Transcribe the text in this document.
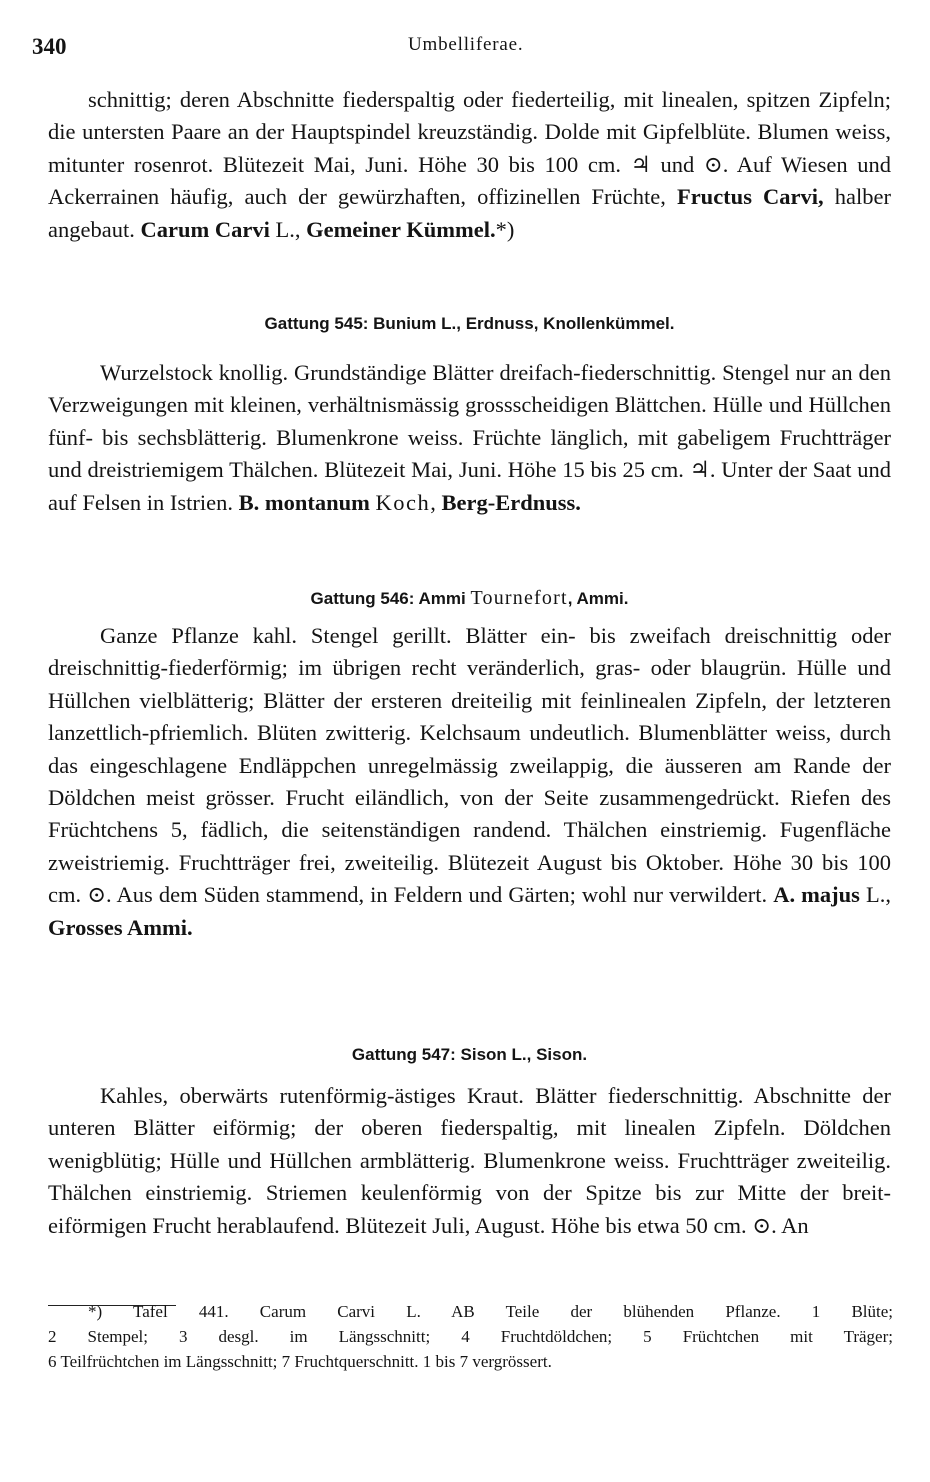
340	Umbelliferae.
schnittig; deren Abschnitte fiederspaltig oder fiederteilig, mit linealen, spitzen Zipfeln; die untersten Paare an der Hauptspindel kreuzständig. Dolde mit Gipfelblüte. Blumen weiss, mitunter rosenrot. Blütezeit Mai, Juni. Höhe 30 bis 100 cm. ♃ und ⊙. Auf Wiesen und Ackerrainen häufig, auch der gewürzhaften, offizinellen Früchte, Fructus Carvi, halber angebaut. Carum Carvi L., Gemeiner Kümmel.*)
Gattung 545: Bunium L., Erdnuss, Knollenkümmel.
Wurzelstock knollig. Grundständige Blätter dreifach-fiederschnittig. Stengel nur an den Verzweigungen mit kleinen, verhältnismässig grossscheidigen Blättchen. Hülle und Hüllchen fünf- bis sechsblätterig. Blumenkrone weiss. Früchte länglich, mit gabeligem Fruchtträger und dreistriemigem Thälchen. Blütezeit Mai, Juni. Höhe 15 bis 25 cm. ♃. Unter der Saat und auf Felsen in Istrien. B. montanum Koch, Berg-Erdnuss.
Gattung 546: Ammi Tournefort, Ammi.
Ganze Pflanze kahl. Stengel gerillt. Blätter ein- bis zweifach dreischnittig oder dreischnittig-fiederförmig; im übrigen recht veränderlich, gras- oder blaugrün. Hülle und Hüllchen vielblätterig; Blätter der ersteren dreiteilig mit feinlinealen Zipfeln, der letzteren lanzettlich-pfriemlich. Blüten zwitterig. Kelchsaum undeutlich. Blumenblätter weiss, durch das eingeschlagene Endläppchen unregelmässig zweilappig, die äusseren am Rande der Döldchen meist grösser. Frucht eiländlich, von der Seite zusammengedrückt. Riefen des Früchtchens 5, fädlich, die seitenständigen randend. Thälchen einstriemig. Fugenfläche zweistriemig. Fruchtträger frei, zweiteilig. Blütezeit August bis Oktober. Höhe 30 bis 100 cm. ⊙. Aus dem Süden stammend, in Feldern und Gärten; wohl nur verwildert. A. majus L., Grosses Ammi.
Gattung 547: Sison L., Sison.
Kahles, oberwärts rutenförmig-ästiges Kraut. Blätter fiederschnittig. Abschnitte der unteren Blätter eiförmig; der oberen fiederspaltig, mit linealen Zipfeln. Döldchen wenigblütig; Hülle und Hüllchen armblätterig. Blumenkrone weiss. Fruchtträger zweiteilig. Thälchen einstriemig. Striemen keulenförmig von der Spitze bis zur Mitte der breit-eiförmigen Frucht herablaufend. Blütezeit Juli, August. Höhe bis etwa 50 cm. ⊙. An
*) Tafel 441. Carum Carvi L. AB Teile der blühenden Pflanze. 1 Blüte;
2 Stempel; 3 desgl. im Längsschnitt; 4 Fruchtdöldchen; 5 Früchtchen mit Träger;
6 Teilfrüchtchen im Längsschnitt; 7 Fruchtquerschnitt. 1 bis 7 vergrössert.
